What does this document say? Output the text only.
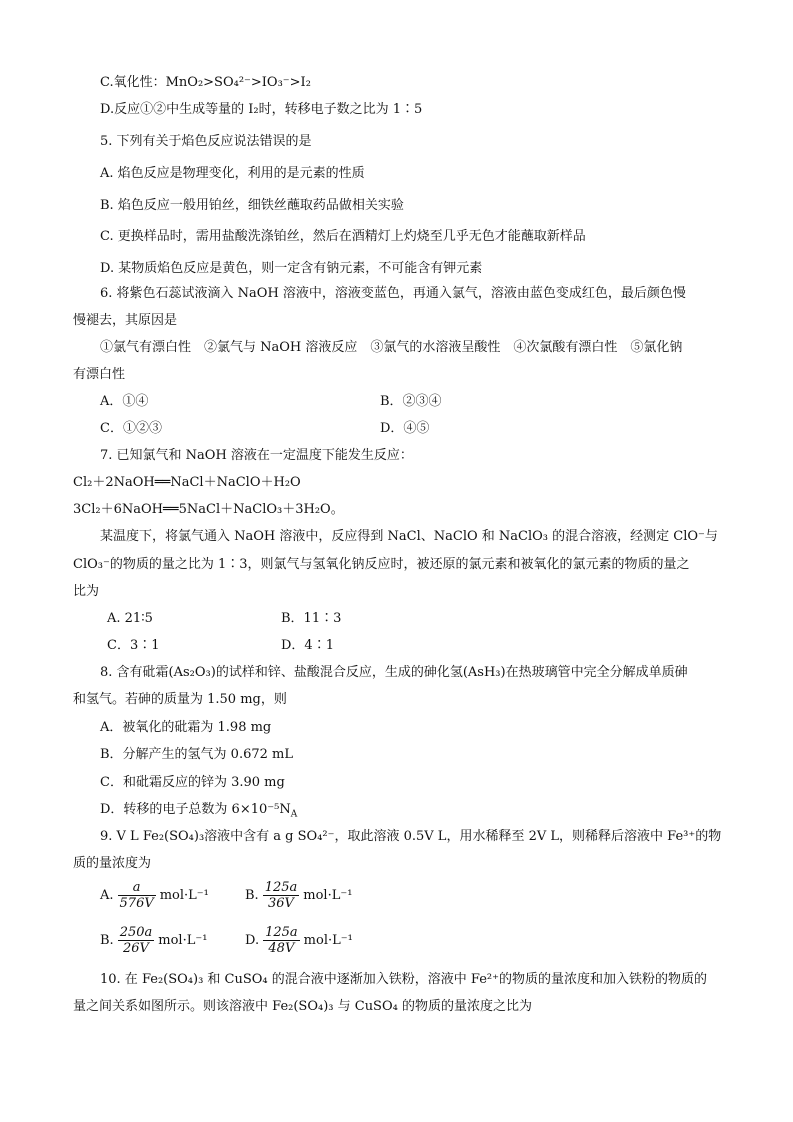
C.氧化性：MnO₂>SO₄²⁻>IO₃⁻>I₂
D.反应①②中生成等量的 I₂时，转移电子数之比为 1∶5
5. 下列有关于焰色反应说法错误的是
A. 焰色反应是物理变化，利用的是元素的性质
B. 焰色反应一般用铂丝，细铁丝蘸取药品做相关实验
C. 更换样品时，需用盐酸洗涤铂丝，然后在酒精灯上灼烧至几乎无色才能蘸取新样品
D. 某物质焰色反应是黄色，则一定含有钠元素，不可能含有钾元素
6. 将紫色石蕊试液滴入 NaOH 溶液中，溶液变蓝色，再通入氯气，溶液由蓝色变成红色，最后颜色慢
慢褪去，其原因是
①氯气有漂白性　②氯气与 NaOH 溶液反应　③氯气的水溶液呈酸性　④次氯酸有漂白性　⑤氯化钠
有漂白性
A．①④	B．②③④
C．①②③	D．④⑤
7. 已知氯气和 NaOH 溶液在一定温度下能发生反应：
Cl₂＋2NaOH══NaCl＋NaClO＋H₂O
3Cl₂＋6NaOH══5NaCl＋NaClO₃＋3H₂O。
某温度下，将氯气通入 NaOH 溶液中，反应得到 NaCl、NaClO 和 NaClO₃ 的混合溶液，经测定 ClO⁻与
ClO₃⁻的物质的量之比为 1∶3，则氯气与氢氧化钠反应时，被还原的氯元素和被氧化的氯元素的物质的量之
比为
A. 21∶5	B．11∶3
C．3∶1	D．4∶1
8. 含有砒霜(As₂O₃)的试样和锌、盐酸混合反应，生成的砷化氢(AsH₃)在热玻璃管中完全分解成单质砷
和氢气。若砷的质量为 1.50 mg，则
A．被氧化的砒霜为 1.98 mg
B．分解产生的氢气为 0.672 mL
C．和砒霜反应的锌为 3.90 mg
D．转移的电子总数为 $6\times 10^{-5}N_A$
9. V L Fe₂(SO₄)₃溶液中含有 a g SO₄²⁻，取此溶液 0.5V L，用水稀释至 2V L，则稀释后溶液中 Fe³⁺的物
质的量浓度为
A. $\frac{a}{576V} mol\cdot L^{-1}$	B. $\frac{125a}{36V} mol\cdot L^{-1}$
B. $\frac{250a}{26V} mol\cdot L^{-1}$	D. $\frac{125a}{48V} mol\cdot L^{-1}$
10. 在 Fe₂(SO₄)₃ 和 CuSO₄ 的混合液中逐渐加入铁粉，溶液中 Fe²⁺的物质的量浓度和加入铁粉的物质的
量之间关系如图所示。则该溶液中 Fe₂(SO₄)₃ 与 CuSO₄ 的物质的量浓度之比为
